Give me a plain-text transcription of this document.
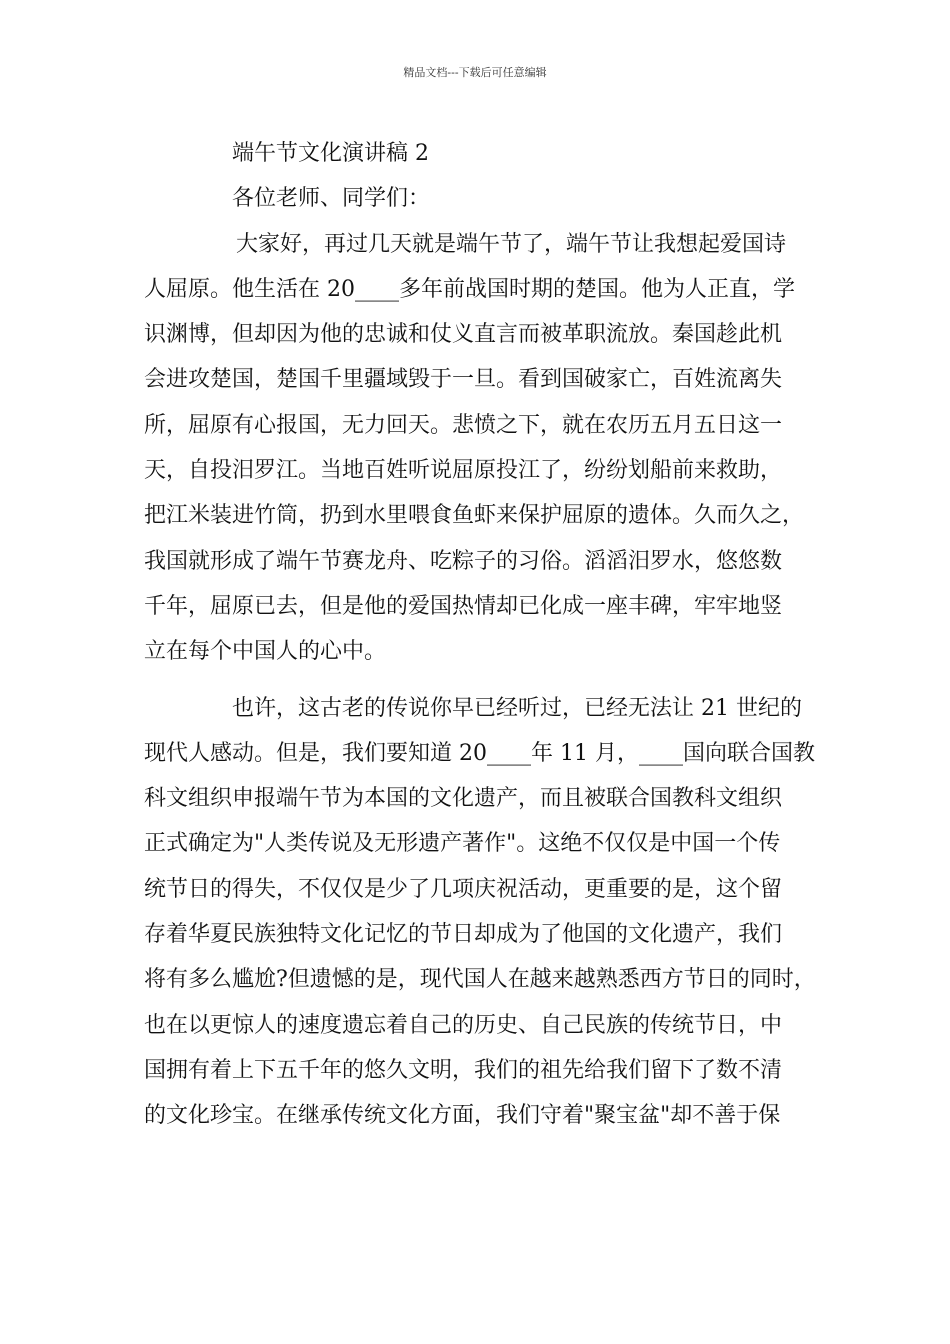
精品文档---下载后可任意编辑
端午节文化演讲稿 2
各位老师、同学们：
大家好，再过几天就是端午节了，端午节让我想起爱国诗
人屈原。他生活在 20____多年前战国时期的楚国。他为人正直，学
识渊博，但却因为他的忠诚和仗义直言而被革职流放。秦国趁此机
会进攻楚国，楚国千里疆域毁于一旦。看到国破家亡，百姓流离失
所，屈原有心报国，无力回天。悲愤之下，就在农历五月五日这一
天，自投汨罗江。当地百姓听说屈原投江了，纷纷划船前来救助，
把江米装进竹筒，扔到水里喂食鱼虾来保护屈原的遗体。久而久之，
我国就形成了端午节赛龙舟、吃粽子的习俗。滔滔汨罗水，悠悠数
千年，屈原已去，但是他的爱国热情却已化成一座丰碑，牢牢地竖
立在每个中国人的心中。
也许，这古老的传说你早已经听过，已经无法让 21 世纪的
现代人感动。但是，我们要知道 20____年 11 月，____国向联合国教
科文组织申报端午节为本国的文化遗产，而且被联合国教科文组织
正式确定为"人类传说及无形遗产著作"。这绝不仅仅是中国一个传
统节日的得失，不仅仅是少了几项庆祝活动，更重要的是，这个留
存着华夏民族独特文化记忆的节日却成为了他国的文化遗产，我们
将有多么尴尬?但遗憾的是，现代国人在越来越熟悉西方节日的同时，
也在以更惊人的速度遗忘着自己的历史、自己民族的传统节日，中
国拥有着上下五千年的悠久文明，我们的祖先给我们留下了数不清
的文化珍宝。在继承传统文化方面，我们守着"聚宝盆"却不善于保
